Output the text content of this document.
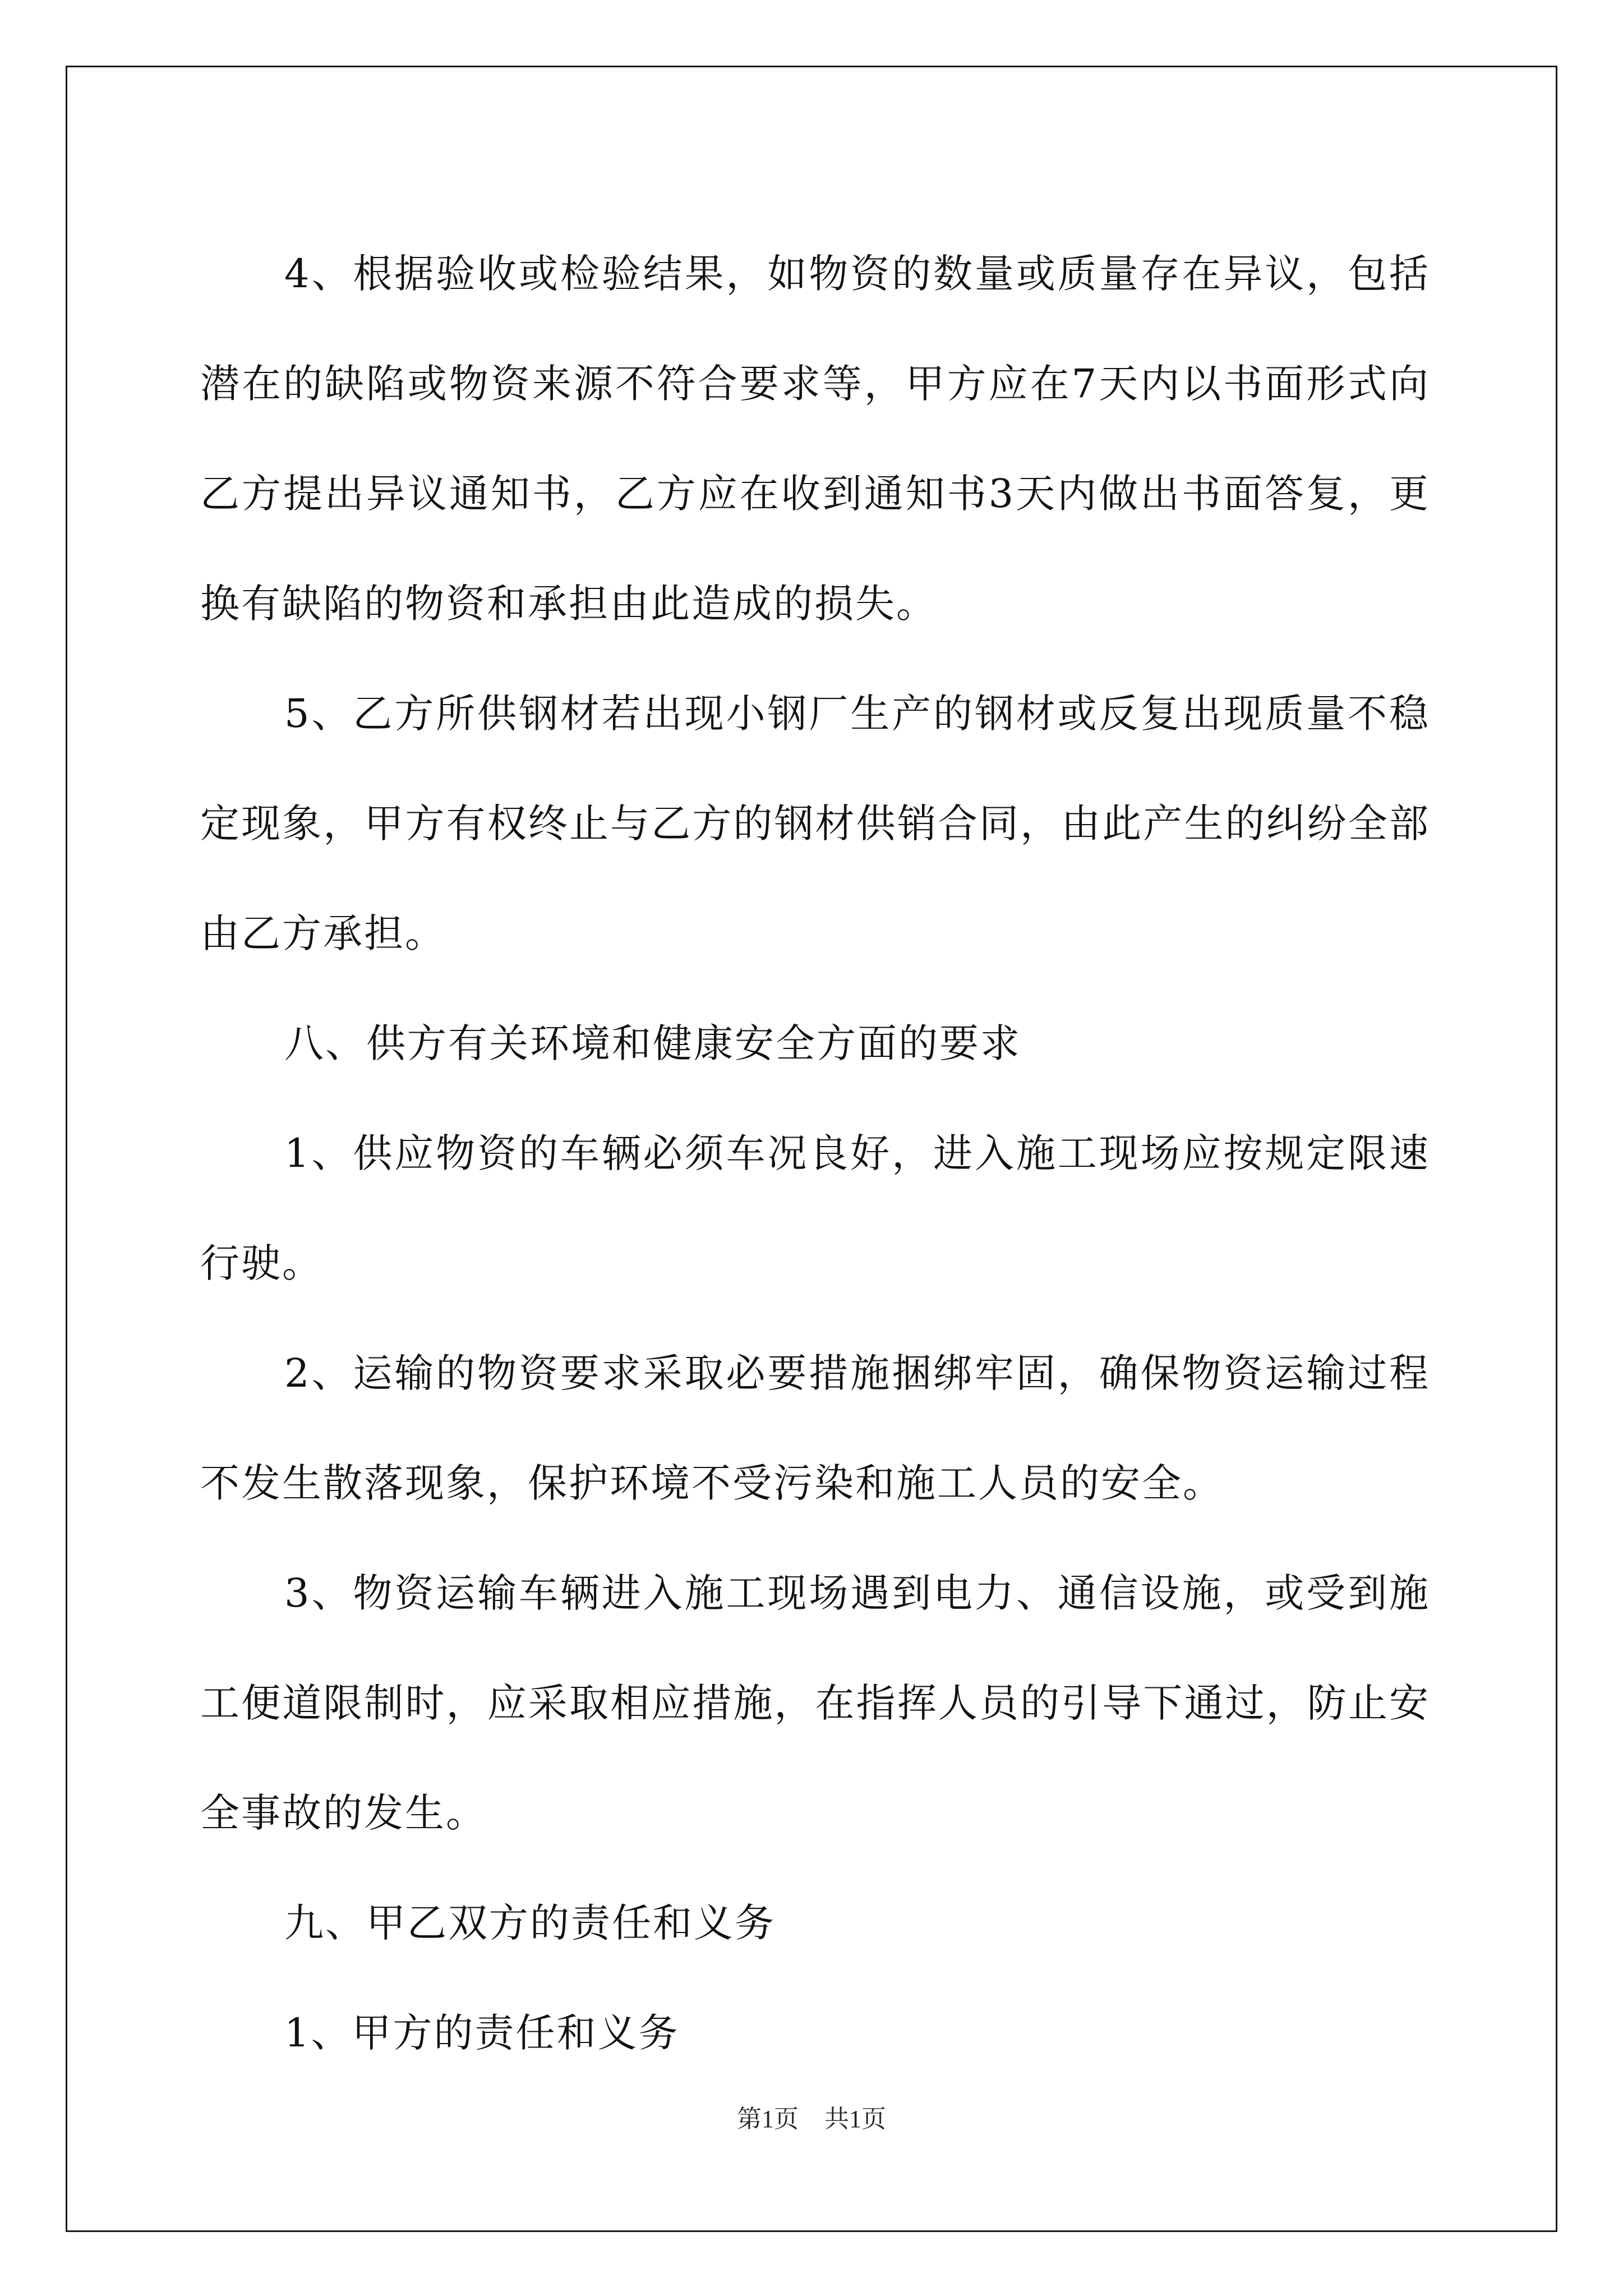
4、根据验收或检验结果，如物资的数量或质量存在异议，包括潜在的缺陷或物资来源不符合要求等，甲方应在7天内以书面形式向乙方提出异议通知书，乙方应在收到通知书3天内做出书面答复，更换有缺陷的物资和承担由此造成的损失。

5、乙方所供钢材若出现小钢厂生产的钢材或反复出现质量不稳定现象，甲方有权终止与乙方的钢材供销合同，由此产生的纠纷全部由乙方承担。

八、供方有关环境和健康安全方面的要求

1、供应物资的车辆必须车况良好，进入施工现场应按规定限速行驶。

2、运输的物资要求采取必要措施捆绑牢固，确保物资运输过程不发生散落现象，保护环境不受污染和施工人员的安全。

3、物资运输车辆进入施工现场遇到电力、通信设施，或受到施工便道限制时，应采取相应措施，在指挥人员的引导下通过，防止安全事故的发生。

九、甲乙双方的责任和义务

1、甲方的责任和义务

第1页 共1页
